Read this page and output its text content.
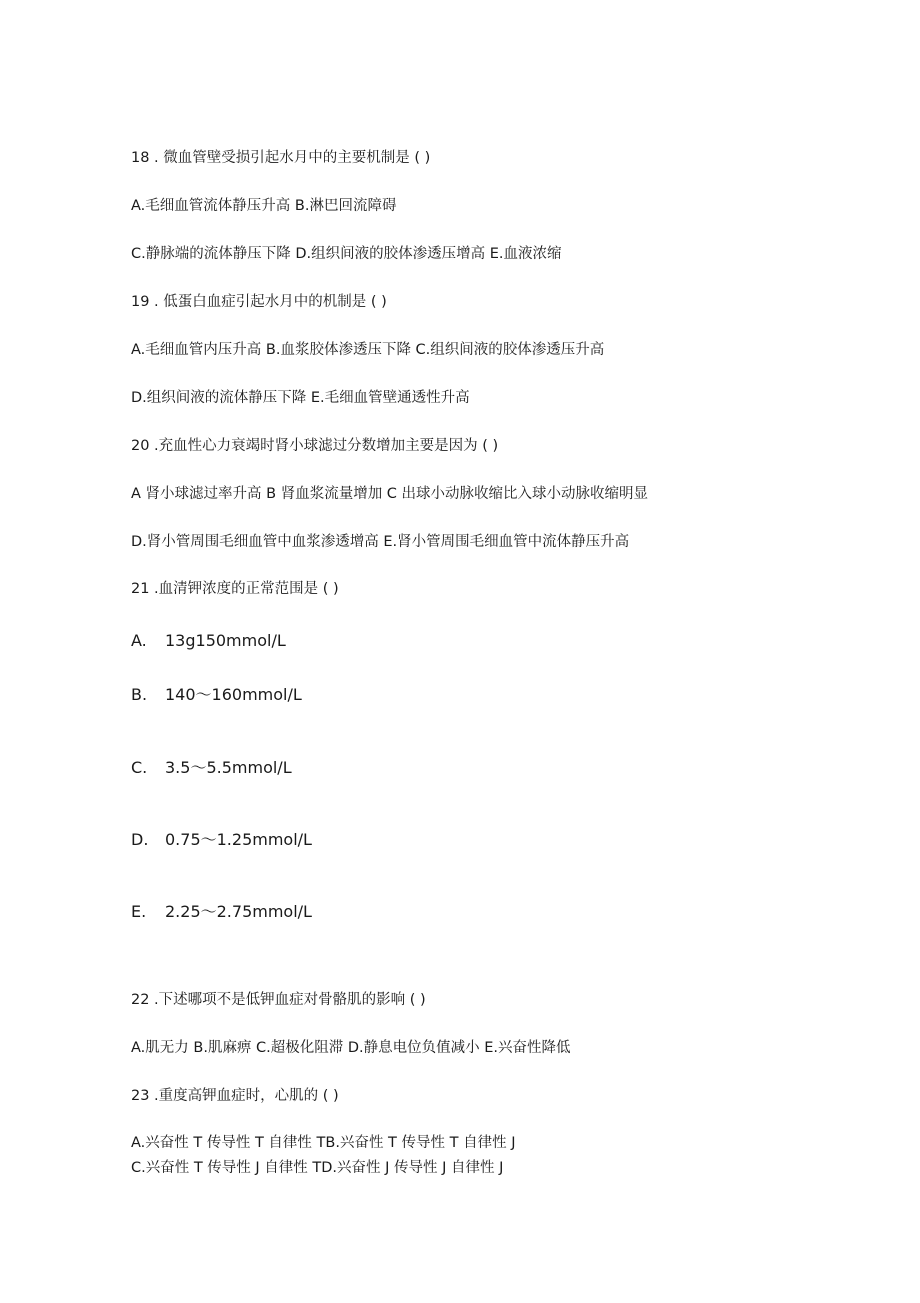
18 . 微血管壁受损引起水月中的主要机制是 ( )
A.毛细血管流体静压升高 B.淋巴回流障碍
C.静脉端的流体静压下降 D.组织间液的胶体渗透压增高 E.血液浓缩
19 . 低蛋白血症引起水月中的机制是 ( )
A.毛细血管内压升高 B.血浆胶体渗透压下降 C.组织间液的胶体渗透压升高
D.组织间液的流体静压下降 E.毛细血管壁通透性升高
20 .充血性心力衰竭时肾小球滤过分数增加主要是因为 ( )
A 肾小球滤过率升高 B 肾血浆流量增加 C 出球小动脉收缩比入球小动脉收缩明显
D.肾小管周围毛细血管中血浆渗透增高 E.肾小管周围毛细血管中流体静压升高
21 .血清钾浓度的正常范围是 ( )
A. 13g150mmol/L
B. 140〜160mmol/L
C. 3.5〜5.5mmol/L
D. 0.75〜1.25mmol/L
E. 2.25〜2.75mmol/L
22 .下述哪项不是低钾血症对骨骼肌的影响 ( )
A.肌无力 B.肌麻痹 C.超极化阻滞 D.静息电位负值减小 E.兴奋性降低
23 .重度高钾血症时，心肌的 ( )
A.兴奋性 T 传导性 T 自律性 TB.兴奋性 T 传导性 T 自律性 J
C.兴奋性 T 传导性 J 自律性 TD.兴奋性 J 传导性 J 自律性 J
